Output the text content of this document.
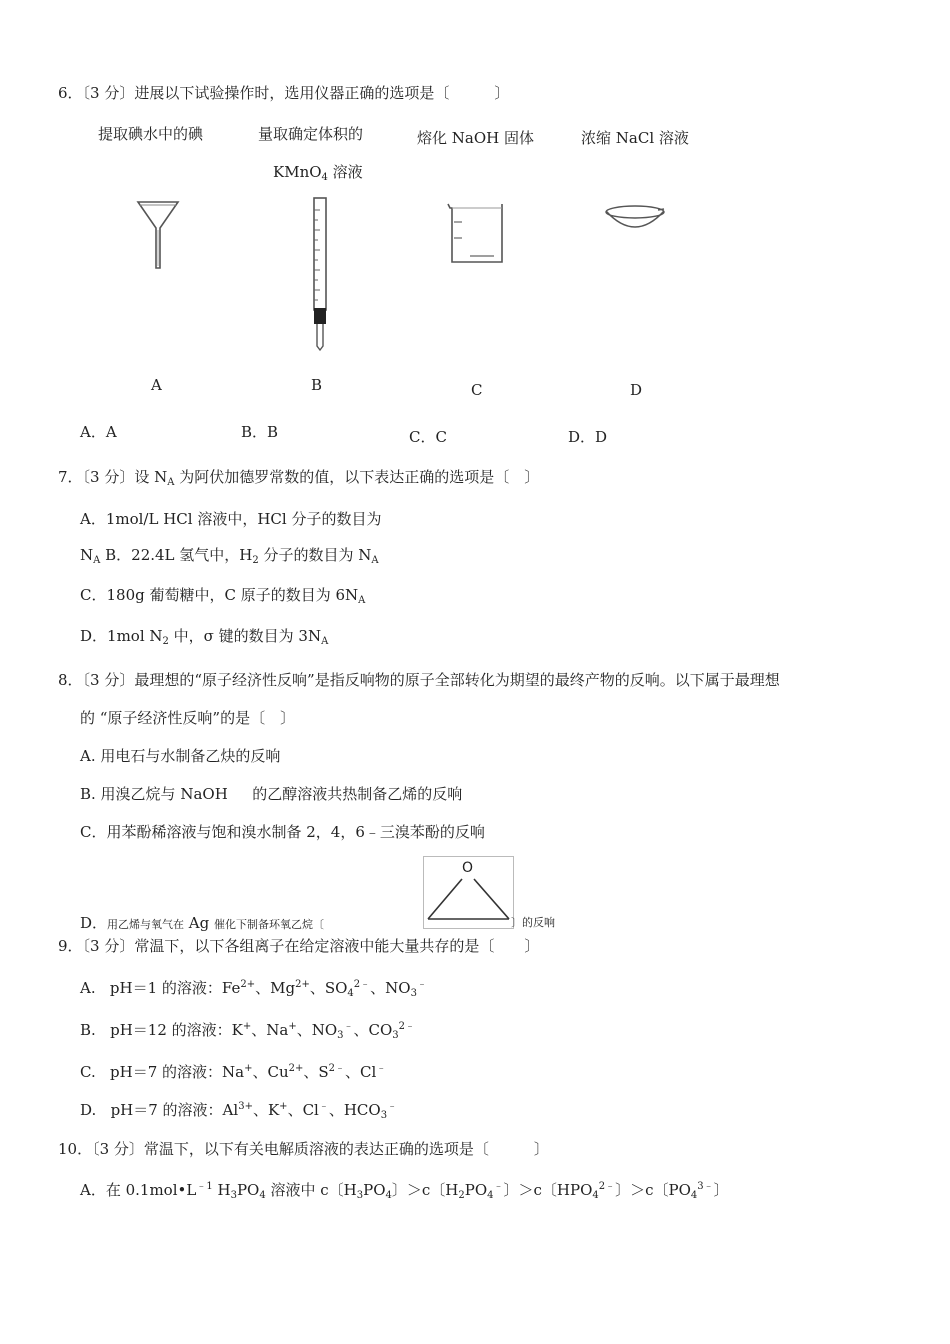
6．〔3 分〕进展以下试验操作时，选用仪器正确的选项是〔　　　〕
提取碘水中的碘	量取确定体积的
KMnO$_4$ 溶液
熔化 NaOH 固体	浓缩 NaCl 溶液
A	B	C	D
A．A	B．B	C．C	D．D
7．〔3 分〕设 $N_A$ 为阿伏加德罗常数的值，以下表达正确的选项是〔　〕
A．1mol/L HCl 溶液中，HCl 分子的数目为
$N_A$ B．22.4L 氢气中，$H_2$ 分子的数目为 $N_A$
C．180g 葡萄糖中，C 原子的数目为 $6N_A$
D．1mol $N_2$ 中，σ 键的数目为 $3N_A$
8．〔3 分〕最理想的“原子经济性反响”是指反响物的原子全部转化为期望的最终产物的反响。以下属于最理想
的 “原子经济性反响”的是〔　〕
A. 用电石与水制备乙炔的反响
B. 用溴乙烷与 NaOH 　 的乙醇溶液共热制备乙烯的反响
C．用苯酚稀溶液与饱和溴水制备 2，4，6﹣三溴苯酚的反响
O
D．用乙烯与氧气在 Ag 催化下制备环氧乙烷〔	〕的反响
9．〔3 分〕常温下，以下各组离子在给定溶液中能大量共存的是〔　　〕
A.   pH＝1 的溶液：$Fe^{2+}$、$Mg^{2+}$、$SO_4^{2﹣}$、$NO_3^﹣$
B.   pH＝12 的溶液：K+、Na+、$NO_3^﹣$、$CO_3^{2﹣}$
C.   pH＝7 的溶液：Na+、$Cu^{2+}$、$S^{2﹣}$、Cl﹣
D.   pH＝7 的溶液：$Al^{3+}$、K+、Cl﹣、$HCO_3^﹣$
10．〔3 分〕常温下，以下有关电解质溶液的表达正确的选项是〔　　　〕
A．在 $0.1mol•L^{﹣1}$ $H_3PO_4$ 溶液中 c〔$H_3PO_4$〕＞c〔$H_2PO_4^﹣$〕＞c〔$HPO_4^{2﹣}$〕＞c〔$PO_4^{3﹣}$〕
